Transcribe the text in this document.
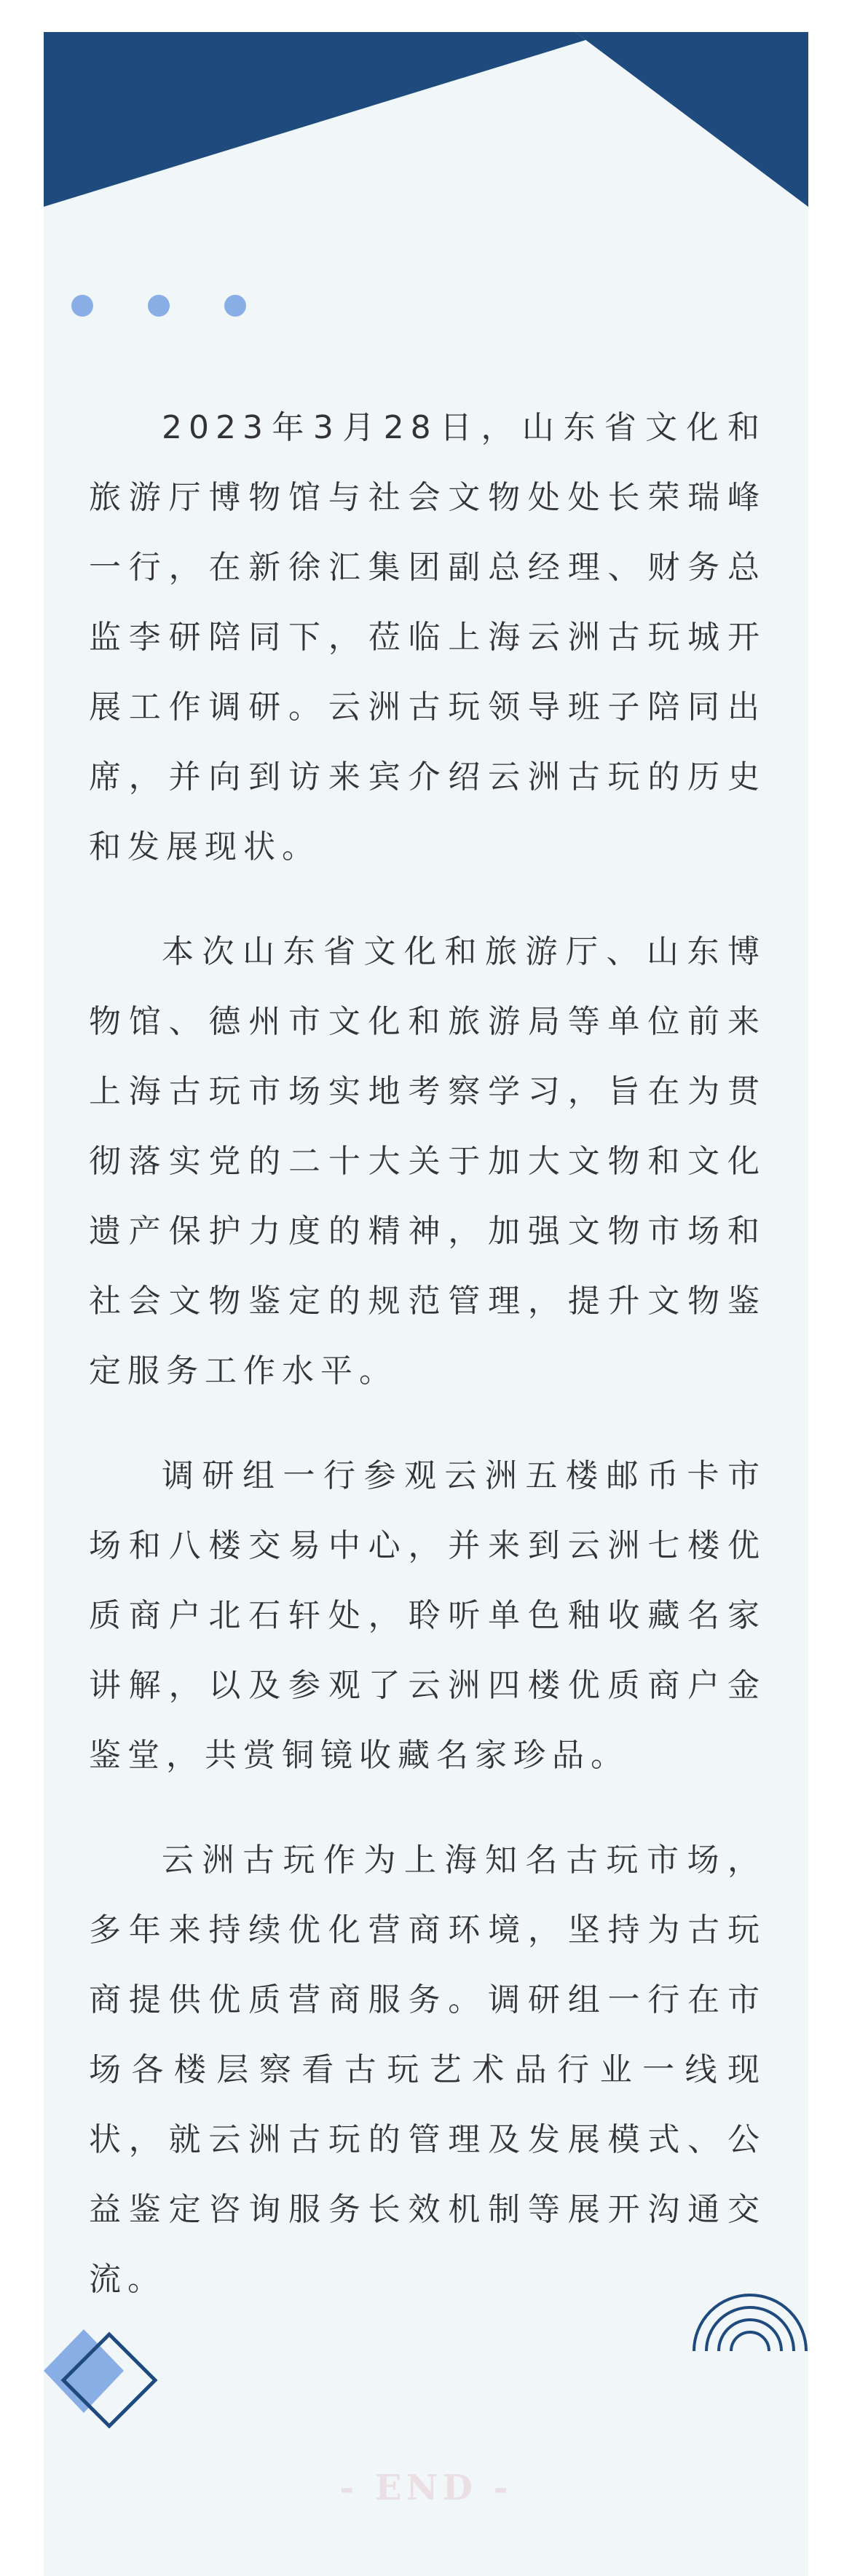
2023年3月28日，山东省文化和旅游厅博物馆与社会文物处处长荣瑞峰一行，在新徐汇集团副总经理、财务总监李研陪同下，莅临上海云洲古玩城开展工作调研。云洲古玩领导班子陪同出席，并向到访来宾介绍云洲古玩的历史和发展现状。

本次山东省文化和旅游厅、山东博物馆、德州市文化和旅游局等单位前来上海古玩市场实地考察学习，旨在为贯彻落实党的二十大关于加大文物和文化遗产保护力度的精神，加强文物市场和社会文物鉴定的规范管理，提升文物鉴定服务工作水平。

调研组一行参观云洲五楼邮币卡市场和八楼交易中心，并来到云洲七楼优质商户北石轩处，聆听单色釉收藏名家讲解，以及参观了云洲四楼优质商户金鉴堂，共赏铜镜收藏名家珍品。

云洲古玩作为上海知名古玩市场，多年来持续优化营商环境，坚持为古玩商提供优质营商服务。调研组一行在市场各楼层察看古玩艺术品行业一线现状，就云洲古玩的管理及发展模式、公益鉴定咨询服务长效机制等展开沟通交流。

- END -
